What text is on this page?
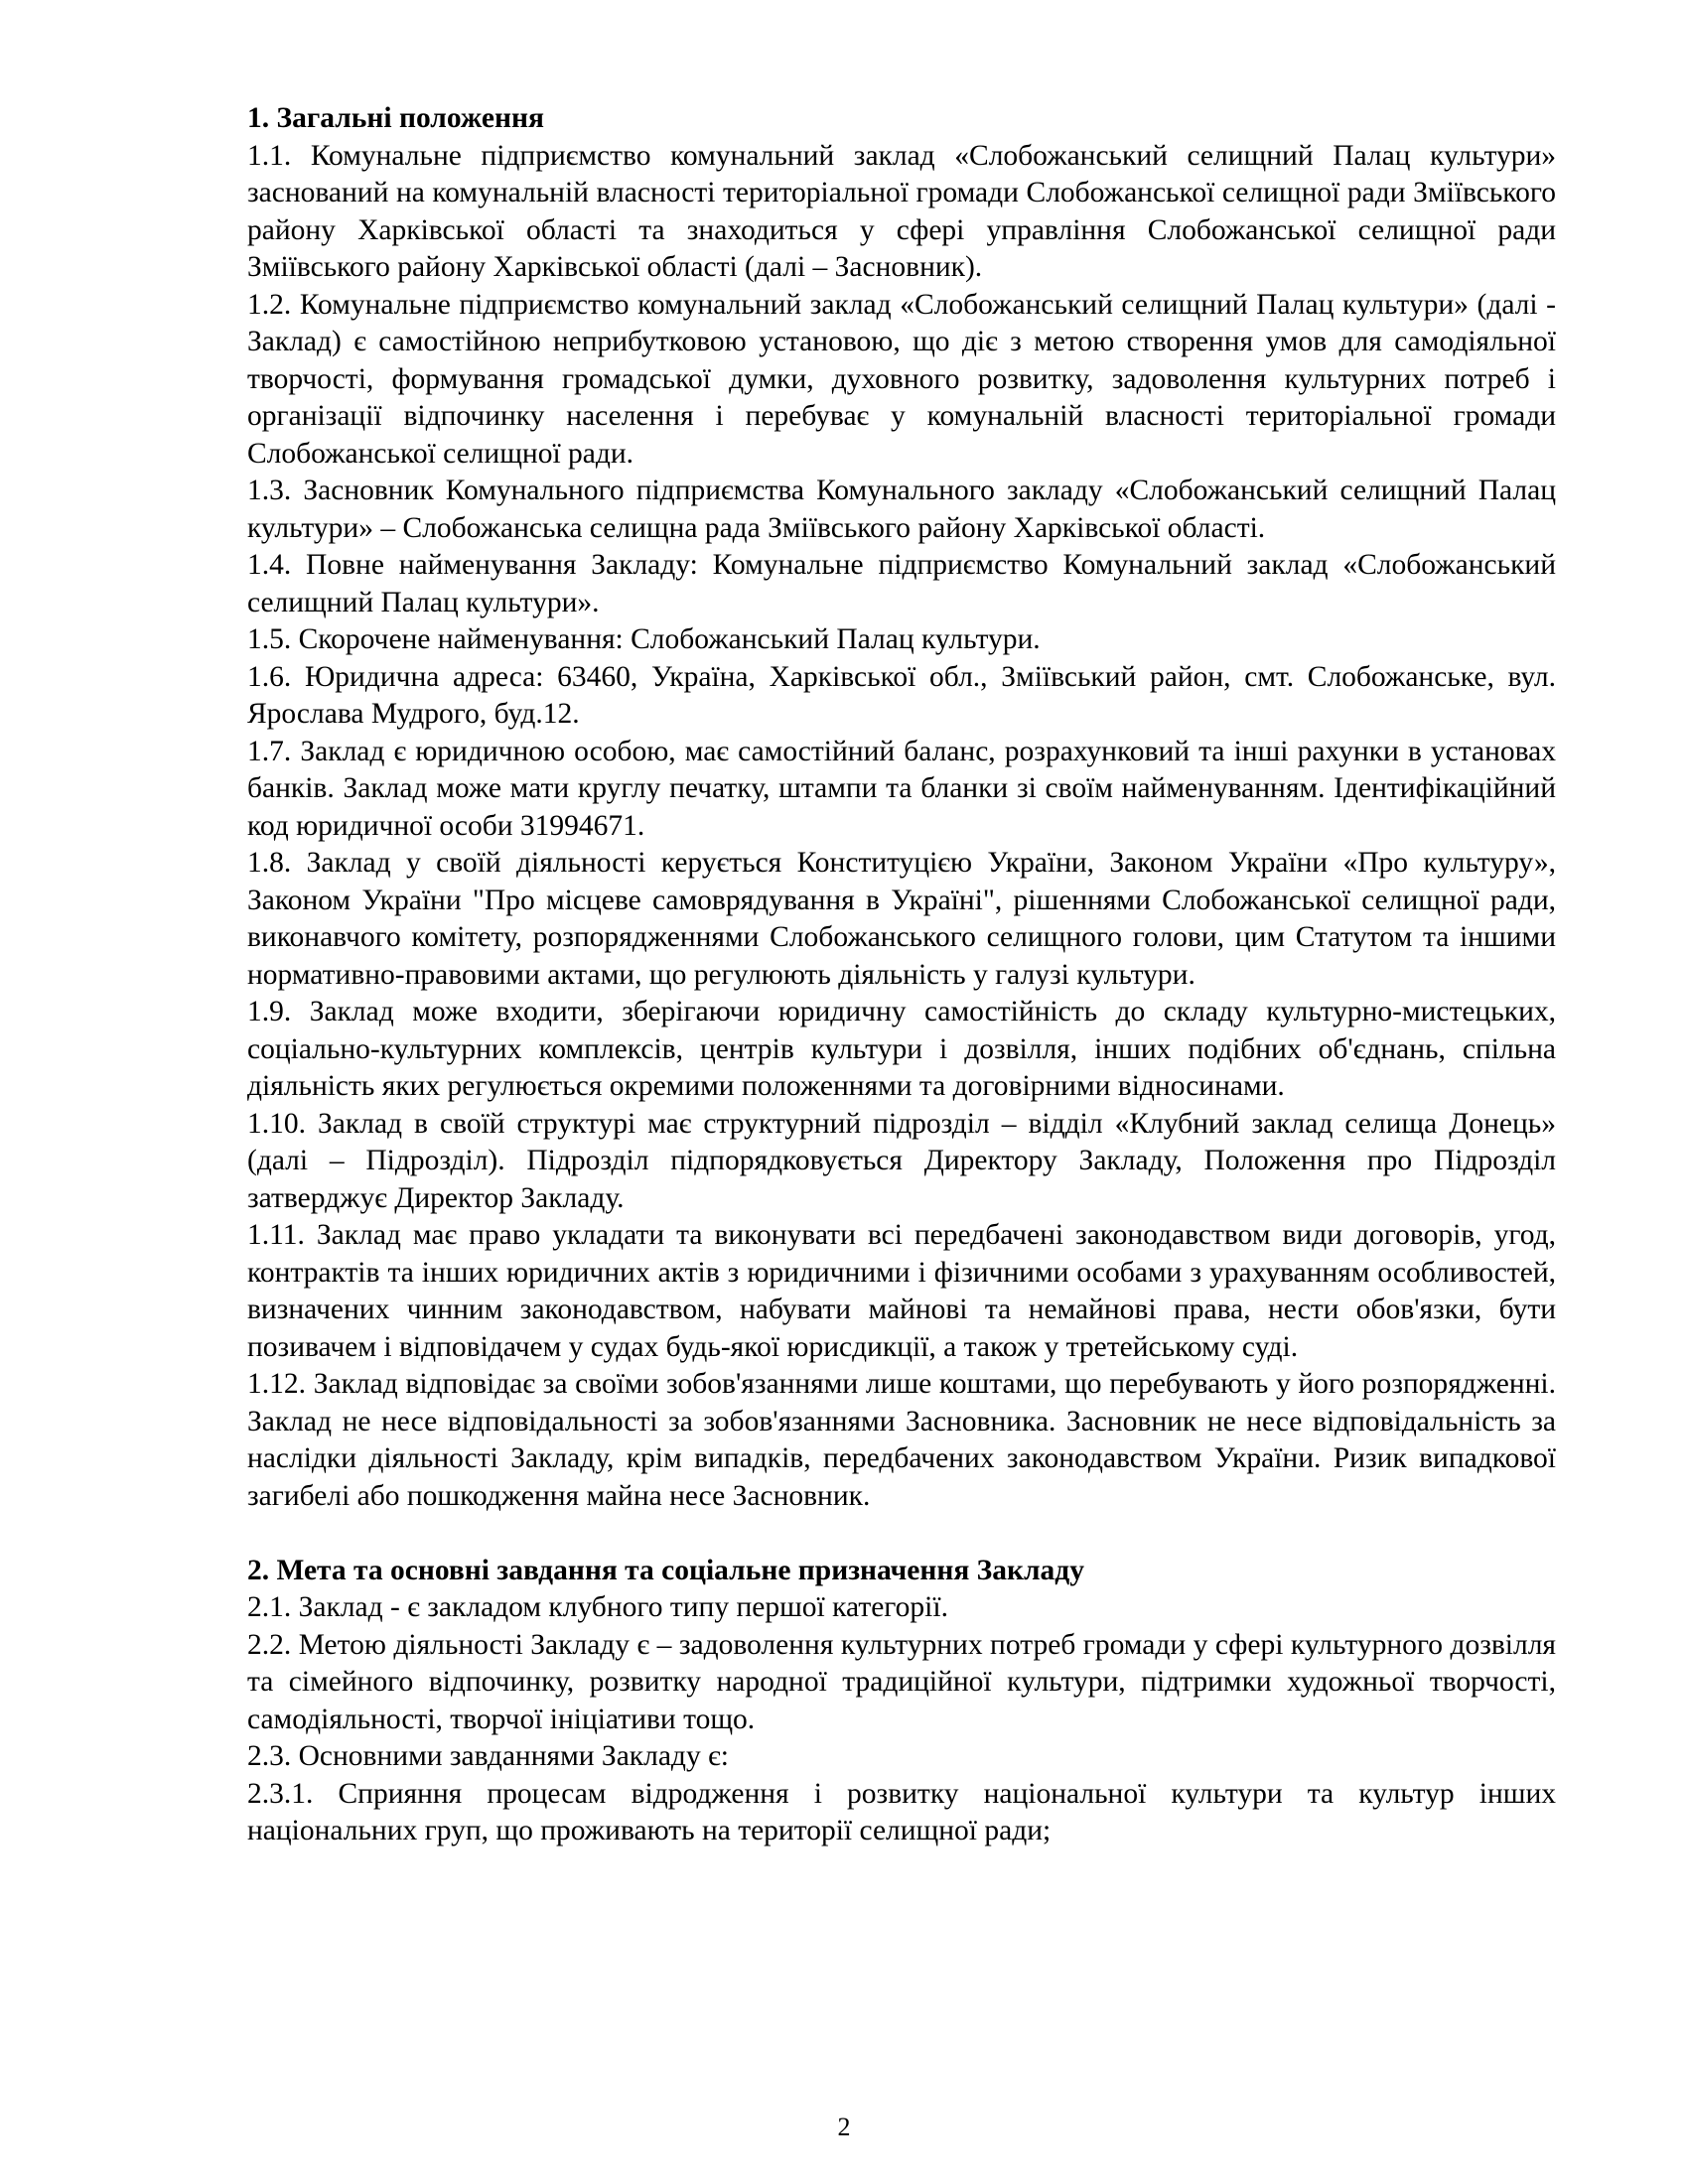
1. Загальні положення

1.1. Комунальне підприємство комунальний заклад «Слобожанський селищний Палац культури» заснований на комунальній власності територіальної громади Слобожанської селищної ради Зміївського району Харківської області та знаходиться у сфері управління Слобожанської селищної ради Зміївського району Харківської області (далі – Засновник).

1.2. Комунальне підприємство комунальний заклад «Слобожанський селищний Палац культури» (далі - Заклад) є самостійною неприбутковою установою, що діє з метою створення умов для самодіяльної творчості, формування громадської думки, духовного розвитку, задоволення культурних потреб і організації відпочинку населення і перебуває у комунальній власності територіальної громади Слобожанської селищної ради.

1.3. Засновник Комунального підприємства Комунального закладу «Слобожанський селищний Палац культури» – Слобожанська селищна рада Зміївського району Харківської області.

1.4. Повне найменування Закладу: Комунальне підприємство Комунальний заклад «Слобожанський селищний Палац культури».

1.5. Скорочене найменування: Слобожанський Палац культури.

1.6. Юридична адреса: 63460, Україна, Харківської обл., Зміївський район, смт. Слобожанське, вул. Ярослава Мудрого, буд.12.

1.7. Заклад є юридичною особою, має самостійний баланс, розрахунковий та інші рахунки в установах банків. Заклад може мати круглу печатку, штампи та бланки зі своїм найменуванням. Ідентифікаційний код юридичної особи 31994671.

1.8. Заклад у своїй діяльності керується Конституцією України, Законом України «Про культуру», Законом України "Про місцеве самоврядування в Україні", рішеннями Слобожанської селищної ради, виконавчого комітету, розпорядженнями Слобожанського селищного голови, цим Статутом та іншими нормативно-правовими актами, що регулюють діяльність у галузі культури.

1.9. Заклад може входити, зберігаючи юридичну самостійність до складу культурно-мистецьких, соціально-культурних комплексів, центрів культури і дозвілля, інших подібних об'єднань, спільна діяльність яких регулюється окремими положеннями та договірними відносинами.

1.10. Заклад в своїй структурі має структурний підрозділ – відділ «Клубний заклад селища Донець» (далі – Підрозділ). Підрозділ підпорядковується Директору Закладу, Положення про Підрозділ затверджує Директор Закладу.

1.11. Заклад має право укладати та виконувати всі передбачені законодавством види договорів, угод, контрактів та інших юридичних актів з юридичними і фізичними особами з урахуванням особливостей, визначених чинним законодавством, набувати майнові та немайнові права, нести обов'язки, бути позивачем і відповідачем у судах будь-якої юрисдикції, а також у третейському суді.

1.12. Заклад відповідає за своїми зобов'язаннями лише коштами, що перебувають у його розпорядженні. Заклад не несе відповідальності за зобов'язаннями Засновника. Засновник не несе відповідальність за наслідки діяльності Закладу, крім випадків, передбачених законодавством України. Ризик випадкової загибелі або пошкодження майна несе Засновник.

2. Мета та основні завдання та соціальне призначення Закладу

2.1. Заклад - є закладом клубного типу першої категорії.

2.2. Метою діяльності Закладу є – задоволення культурних потреб громади у сфері культурного дозвілля та сімейного відпочинку, розвитку народної традиційної культури, підтримки художньої творчості, самодіяльності, творчої ініціативи тощо.

2.3. Основними завданнями Закладу є:

2.3.1. Сприяння процесам відродження і розвитку національної культури та культур інших національних груп, що проживають на території селищної ради;

2
